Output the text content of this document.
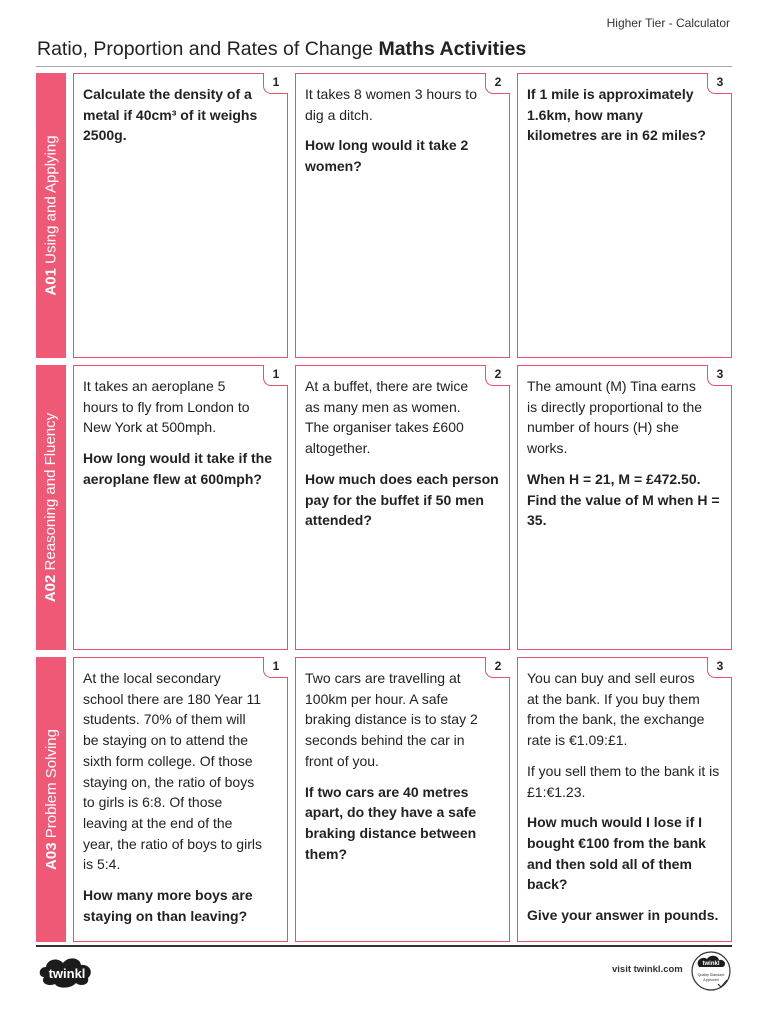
Higher Tier - Calculator
Ratio, Proportion and Rates of Change Maths Activities
A01 Using and Applying
1

Calculate the density of a metal if 40cm³ of it weighs 2500g.

2

It takes 8 women 3 hours to dig a ditch.

How long would it take 2 women?

3

If 1 mile is approximately 1.6km, how many kilometres are in 62 miles?

A02 Reasoning and Fluency
1

It takes an aeroplane 5 hours to fly from London to New York at 500mph.

How long would it take if the aeroplane flew at 600mph?

2

At a buffet, there are twice as many men as women. The organiser takes £600 altogether.

How much does each person pay for the buffet if 50 men attended?

3

The amount (M) Tina earns is directly proportional to the number of hours (H) she works.

When H = 21, M = £472.50. Find the value of M when H = 35.

A03 Problem Solving
1

At the local secondary school there are 180 Year 11 students. 70% of them will be staying on to attend the sixth form college. Of those staying on, the ratio of boys to girls is 6:8. Of those leaving at the end of the year, the ratio of boys to girls is 5:4.

How many more boys are staying on than leaving?

2

Two cars are travelling at 100km per hour. A safe braking distance is to stay 2 seconds behind the car in front of you.

If two cars are 40 metres apart, do they have a safe braking distance between them?

3

You can buy and sell euros at the bank. If you buy them from the bank, the exchange rate is €1.09:£1.

If you sell them to the bank it is £1:€1.23.

How much would I lose if I bought €100 from the bank and then sold all of them back?

Give your answer in pounds.

twinkl	visit twinkl.com	twinkl
Quality Standard
Approved
